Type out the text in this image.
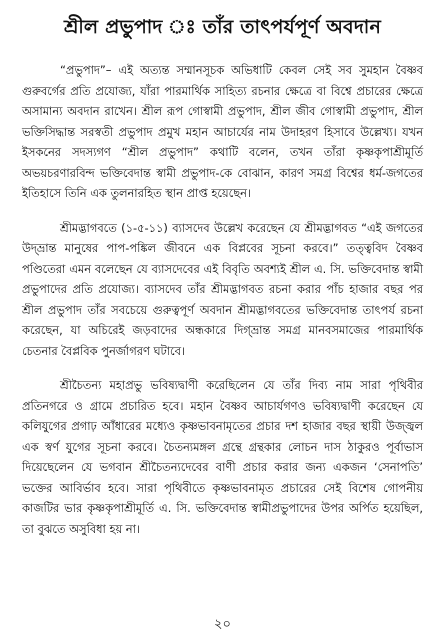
শ্রীল প্রভুপাদ ঃ তাঁর তাৎপর্যপূর্ণ অবদান

“প্রভুপাদ”– এই অত্যন্ত সম্মানসূচক অভিধাটি কেবল সেই সব সুমহান বৈষ্ণব গুরুবর্গের প্রতি প্রযোজ্য, যাঁরা পারমার্থিক সাহিত্য রচনার ক্ষেত্রে বা বিশ্বে প্রচারের ক্ষেত্রে অসামান্য অবদান রাখেন। শ্রীল রূপ গোস্বামী প্রভুপাদ, শ্রীল জীব গোস্বামী প্রভুপাদ, শ্রীল ভক্তিসিদ্ধান্ত সরস্বতী প্রভুপাদ প্রমুখ মহান আচার্যের নাম উদাহরণ হিসাবে উল্লেখ্য। যখন ইসকনের সদস্যগণ “শ্রীল প্রভুপাদ” কথাটি বলেন, তখন তাঁরা কৃষ্ণকৃপাশ্রীমূর্তি অভয়চরণারবিন্দ ভক্তিবেদান্ত স্বামী প্রভুপাদ-কে বোঝান, কারণ সমগ্র বিশ্বের ধর্ম-জগতের ইতিহাসে তিনি এক তুলনারহিত স্থান প্রাপ্ত হয়েছেন।

শ্রীমদ্ভাগবতে (১-৫-১১) ব্যাসদেব উল্লেখ করেছেন যে শ্রীমদ্ভাগবত “এই জগতের উদ্‌ভ্রান্ত মানুষের পাপ-পঙ্কিল জীবনে এক বিপ্লবের সূচনা করবে।” তত্ত্ববিদ বৈষ্ণব পণ্ডিতেরা এমন বলেছেন যে ব্যাসদেবের এই বিবৃতি অবশ্যই শ্রীল এ. সি. ভক্তিবেদান্ত স্বামী প্রভুপাদের প্রতি প্রযোজ্য। ব্যাসদেব তাঁর শ্রীমদ্ভাগবত রচনা করার পাঁচ হাজার বছর পর শ্রীল প্রভুপাদ তাঁর সবচেয়ে গুরুত্বপূর্ণ অবদান শ্রীমদ্ভাগবতের ভক্তিবেদান্ত তাৎপর্য রচনা করেছেন, যা অচিরেই জড়বাদের অন্ধকারে দিগ্‌ভ্রান্ত সমগ্র মানবসমাজের পারমার্থিক চেতনার বৈপ্লবিক পুনর্জাগরণ ঘটাবে।

শ্রীচৈতন্য মহাপ্রভু ভবিষ্যদ্বাণী করেছিলেন যে তাঁর দিব্য নাম সারা পৃথিবীর প্রতিনগরে ও গ্রামে প্রচারিত হবে। মহান বৈষ্ণব আচার্যগণও ভবিষ্যদ্বাণী করেছেন যে কলিযুগের প্রগাঢ় আঁধারের মধ্যেও কৃষ্ণভাবনামৃতের প্রচার দশ হাজার বছর স্থায়ী উজ্জ্বল এক স্বর্ণ যুগের সূচনা করবে। চৈতন্যমঙ্গল গ্রন্থে গ্রন্থকার লোচন দাস ঠাকুরও পূর্বাভাস দিয়েছেলেন যে ভগবান শ্রীচৈতন্যদেবের বাণী প্রচার করার জন্য একজন ‘সেনাপতি’ ভক্তের আবির্ভাব হবে। সারা পৃথিবীতে কৃষ্ণভাবনামৃত প্রচারের সেই বিশেষ গোপনীয় কাজটির ভার কৃষ্ণকৃপাশ্রীমূর্তি এ. সি. ভক্তিবেদান্ত স্বামীপ্রভুপাদের উপর অর্পিত হয়েছিল, তা বুঝতে অসুবিধা হয় না।

২০
